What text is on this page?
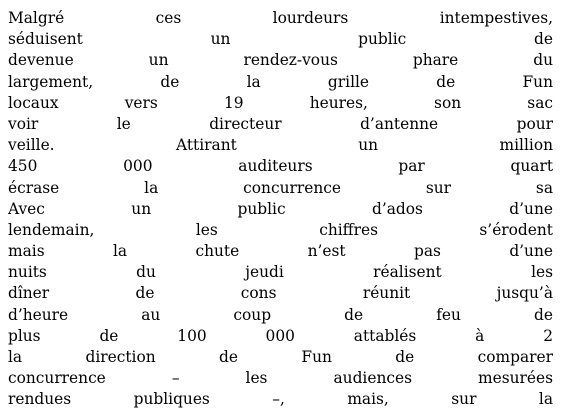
Malgré ces lourdeurs intempestives,
séduisent un public de
devenue un rendez-vous phare du
largement, de la grille de Fun
locaux vers 19 heures, son sac
voir le directeur d’antenne pour
veille. Attirant un million
450 000 auditeurs par quart
écrase la concurrence sur sa
Avec un public d’ados d’une
lendemain, les chiffres s’érodent
mais la chute n’est pas d’une
nuits du jeudi réalisent les
dîner de cons réunit jusqu’à
d’heure au coup de feu de
plus de 100 000 attablés à 2
la direction de Fun de comparer
concurrence – les audiences mesurées
rendues publiques –, mais, sur la
